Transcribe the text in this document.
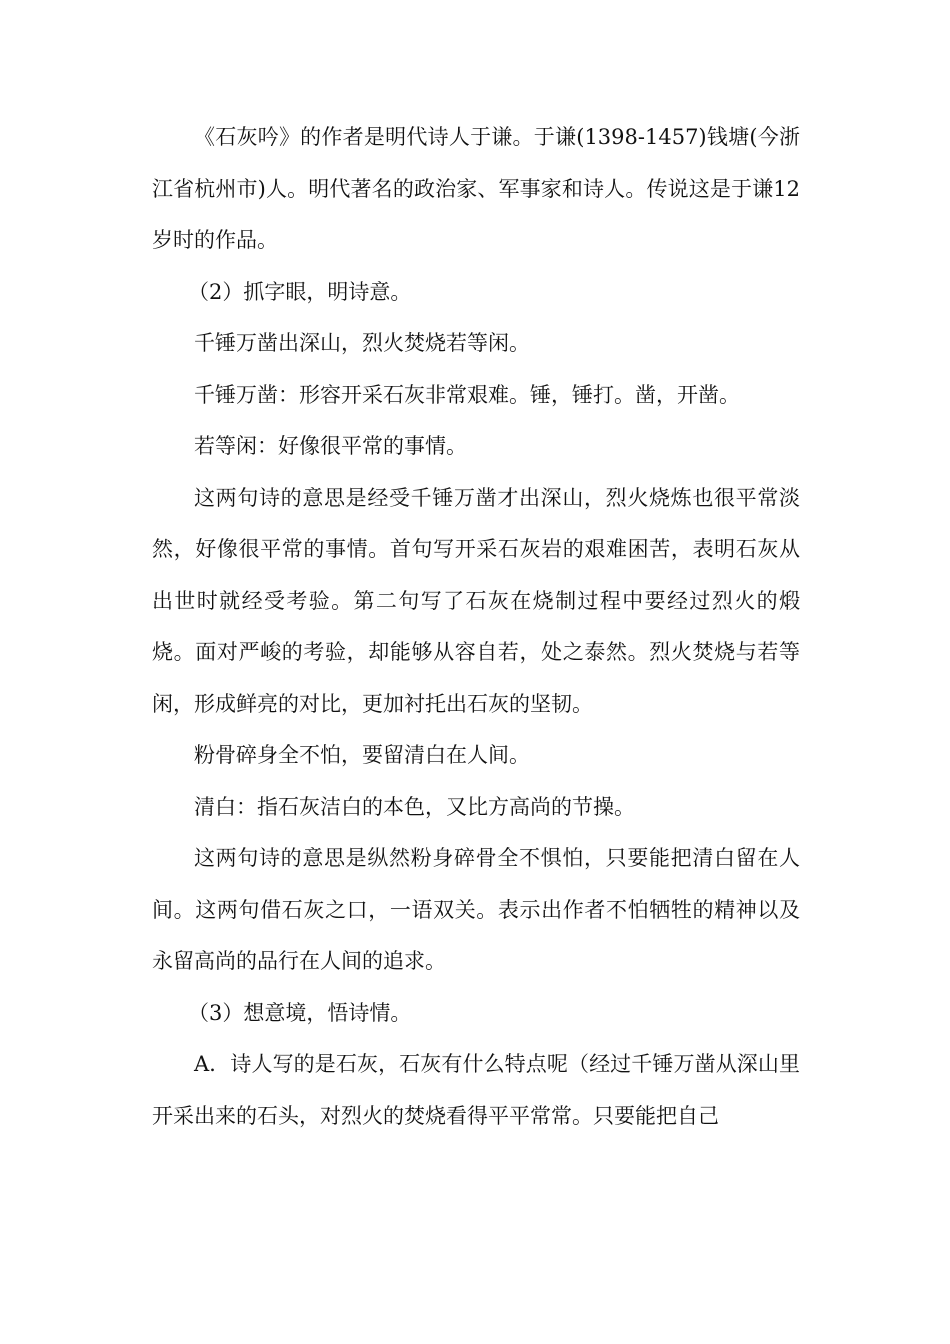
《石灰吟》的作者是明代诗人于谦。于谦(1398-1457)钱塘(今浙江省杭州市)人。明代著名的政治家、军事家和诗人。传说这是于谦12岁时的作品。

（2）抓字眼，明诗意。

千锤万凿出深山，烈火焚烧若等闲。

千锤万凿：形容开采石灰非常艰难。锤，锤打。凿，开凿。

若等闲：好像很平常的事情。

这两句诗的意思是经受千锤万凿才出深山，烈火烧炼也很平常淡然，好像很平常的事情。首句写开采石灰岩的艰难困苦，表明石灰从出世时就经受考验。第二句写了石灰在烧制过程中要经过烈火的煅烧。面对严峻的考验，却能够从容自若，处之泰然。烈火焚烧与若等闲，形成鲜亮的对比，更加衬托出石灰的坚韧。

粉骨碎身全不怕，要留清白在人间。

清白：指石灰洁白的本色，又比方高尚的节操。

这两句诗的意思是纵然粉身碎骨全不惧怕，只要能把清白留在人间。这两句借石灰之口，一语双关。表示出作者不怕牺牲的精神以及永留高尚的品行在人间的追求。

（3）想意境，悟诗情。

A．诗人写的是石灰，石灰有什么特点呢（经过千锤万凿从深山里开采出来的石头，对烈火的焚烧看得平平常常。只要能把自己
